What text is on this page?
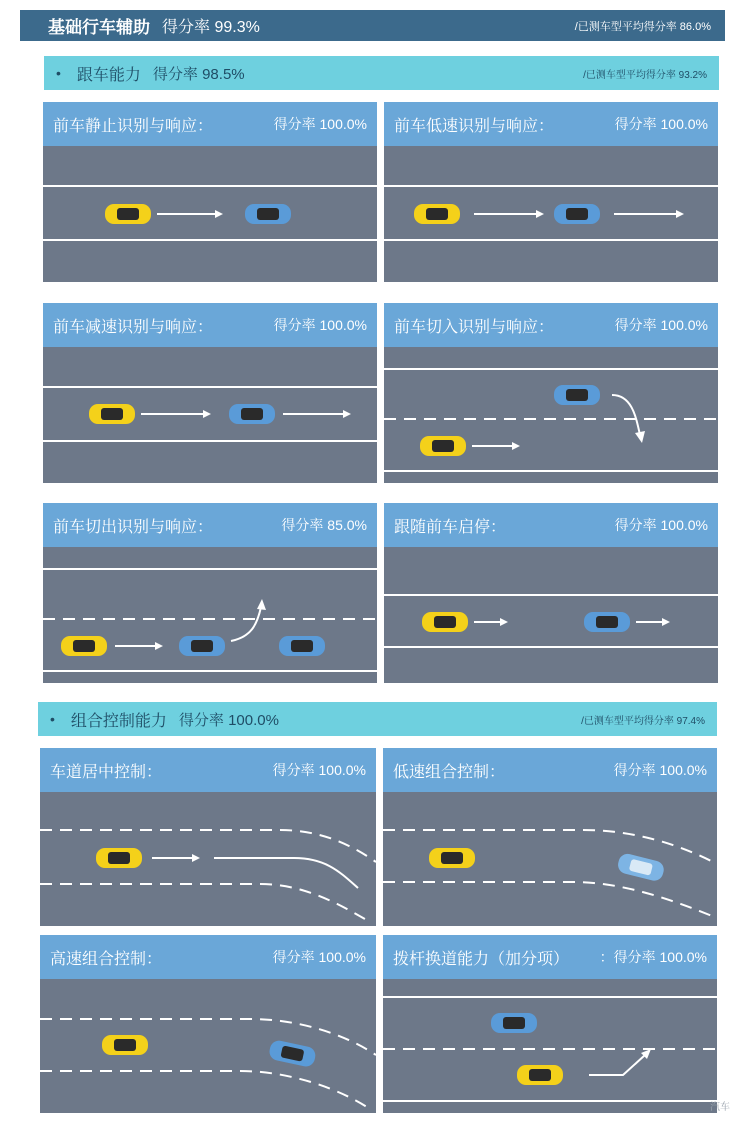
基础行车辅助 得分率 99.3%	/已测车型平均得分率 86.0%
• 跟车能力 得分率 98.5%	/已测车型平均得分率 93.2%
前车静止识别与响应：	得分率 100.0% 前车低速识别与响应：	得分率 100.0%
前车减速识别与响应：	得分率 100.0% 前车切入识别与响应：	得分率 100.0%
前车切出识别与响应：	得分率 85.0% 跟随前车启停：	得分率 100.0%
• 组合控制能力 得分率 100.0%	/已测车型平均得分率 97.4%
车道居中控制：	得分率 100.0% 低速组合控制：	得分率 100.0%
高速组合控制：	得分率 100.0% 拨杆换道能力（加分项） ：得分率 100.0%
汽车
